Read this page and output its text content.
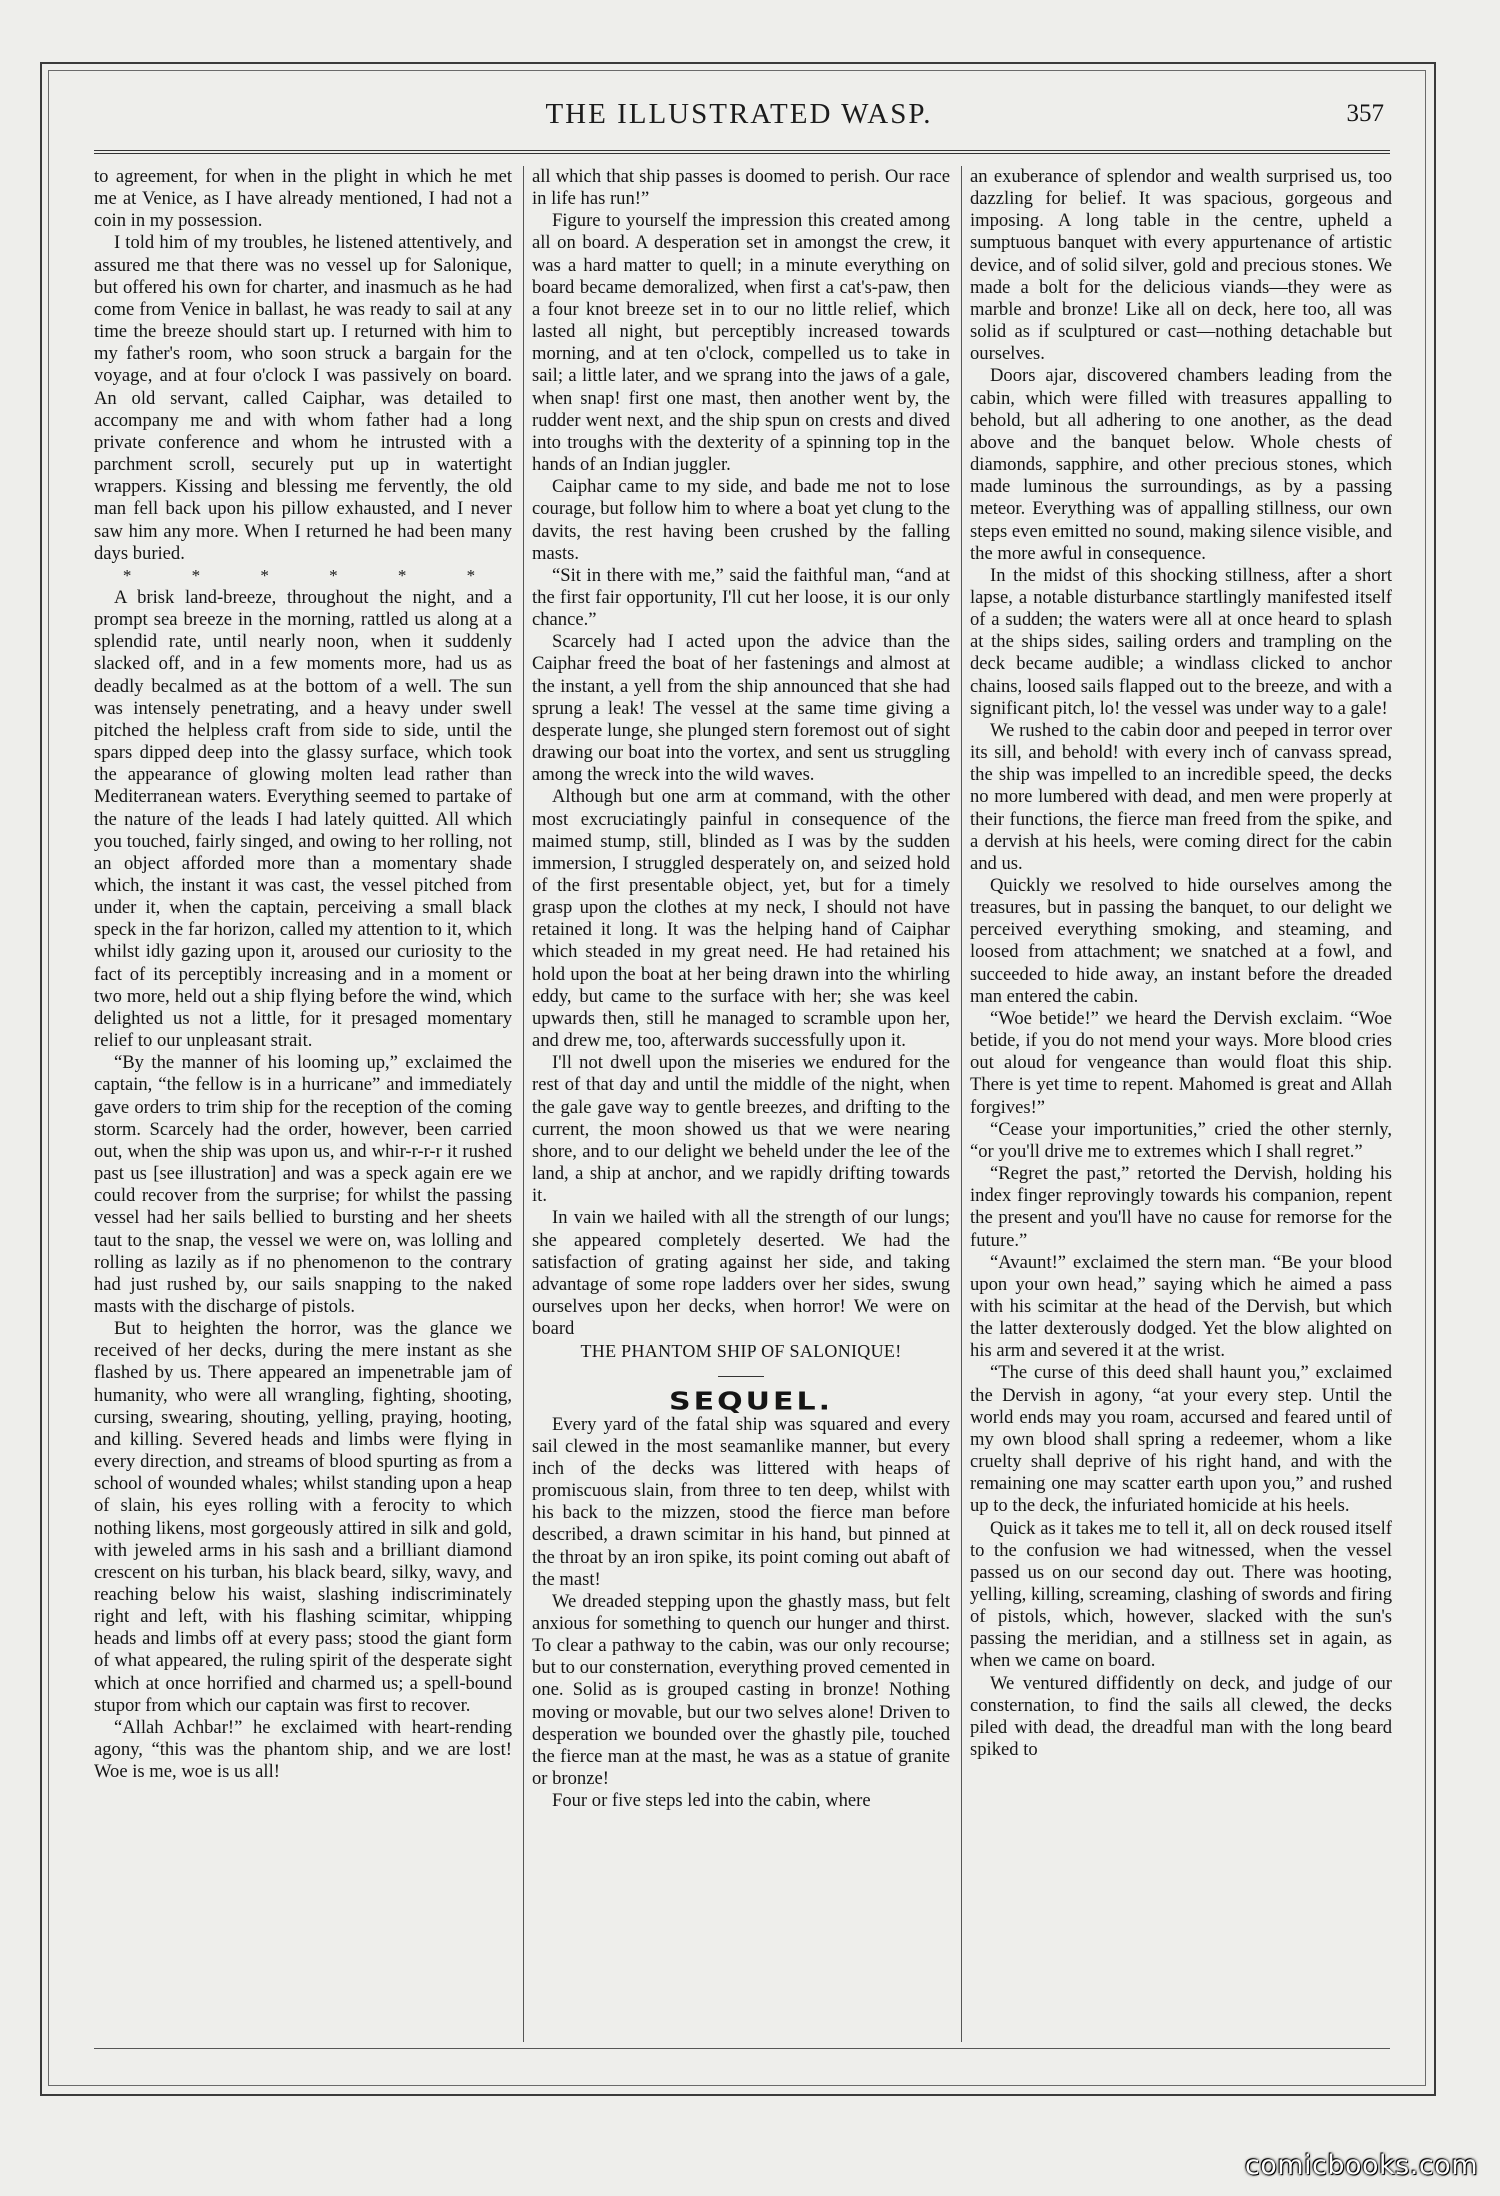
THE ILLUSTRATED WASP.	357

to agreement, for when in the plight in which he met me at Venice, as I have already mentioned, I had not a coin in my possession.

I told him of my troubles, he listened attentively, and assured me that there was no vessel up for Salonique, but offered his own for charter, and inasmuch as he had come from Venice in ballast, he was ready to sail at any time the breeze should start up. I returned with him to my father's room, who soon struck a bargain for the voyage, and at four o'clock I was passively on board. An old servant, called Caiphar, was detailed to accompany me and with whom father had a long private conference and whom he intrusted with a parchment scroll, securely put up in watertight wrappers. Kissing and blessing me fervently, the old man fell back upon his pillow exhausted, and I never saw him any more. When I returned he had been many days buried.

* * * * * *

A brisk land-breeze, throughout the night, and a prompt sea breeze in the morning, rattled us along at a splendid rate, until nearly noon, when it suddenly slacked off, and in a few moments more, had us as deadly becalmed as at the bottom of a well. The sun was intensely penetrating, and a heavy under swell pitched the helpless craft from side to side, until the spars dipped deep into the glassy surface, which took the appearance of glowing molten lead rather than Mediterranean waters. Everything seemed to partake of the nature of the leads I had lately quitted. All which you touched, fairly singed, and owing to her rolling, not an object afforded more than a momentary shade which, the instant it was cast, the vessel pitched from under it, when the captain, perceiving a small black speck in the far horizon, called my attention to it, which whilst idly gazing upon it, aroused our curiosity to the fact of its perceptibly increasing and in a moment or two more, held out a ship flying before the wind, which delighted us not a little, for it presaged momentary relief to our unpleasant strait.

“By the manner of his looming up,” exclaimed the captain, “the fellow is in a hurricane” and immediately gave orders to trim ship for the reception of the coming storm. Scarcely had the order, however, been carried out, when the ship was upon us, and whir-r-r-r it rushed past us [see illustration] and was a speck again ere we could recover from the surprise; for whilst the passing vessel had her sails bellied to bursting and her sheets taut to the snap, the vessel we were on, was lolling and rolling as lazily as if no phenomenon to the contrary had just rushed by, our sails snapping to the naked masts with the discharge of pistols.

But to heighten the horror, was the glance we received of her decks, during the mere instant as she flashed by us. There appeared an impenetrable jam of humanity, who were all wrangling, fighting, shooting, cursing, swearing, shouting, yelling, praying, hooting, and killing. Severed heads and limbs were flying in every direction, and streams of blood spurting as from a school of wounded whales; whilst standing upon a heap of slain, his eyes rolling with a ferocity to which nothing likens, most gorgeously attired in silk and gold, with jeweled arms in his sash and a brilliant diamond crescent on his turban, his black beard, silky, wavy, and reaching below his waist, slashing indiscriminately right and left, with his flashing scimitar, whipping heads and limbs off at every pass; stood the giant form of what appeared, the ruling spirit of the desperate sight which at once horrified and charmed us; a spell-bound stupor from which our captain was first to recover.

“Allah Achbar!” he exclaimed with heart-rending agony, “this was the phantom ship, and we are lost! Woe is me, woe is us all!

all which that ship passes is doomed to perish. Our race in life has run!”

Figure to yourself the impression this created among all on board. A desperation set in amongst the crew, it was a hard matter to quell; in a minute everything on board became demoralized, when first a cat's-paw, then a four knot breeze set in to our no little relief, which lasted all night, but perceptibly increased towards morning, and at ten o'clock, compelled us to take in sail; a little later, and we sprang into the jaws of a gale, when snap! first one mast, then another went by, the rudder went next, and the ship spun on crests and dived into troughs with the dexterity of a spinning top in the hands of an Indian juggler.

Caiphar came to my side, and bade me not to lose courage, but follow him to where a boat yet clung to the davits, the rest having been crushed by the falling masts.

“Sit in there with me,” said the faithful man, “and at the first fair opportunity, I'll cut her loose, it is our only chance.”

Scarcely had I acted upon the advice than the Caiphar freed the boat of her fastenings and almost at the instant, a yell from the ship announced that she had sprung a leak! The vessel at the same time giving a desperate lunge, she plunged stern foremost out of sight drawing our boat into the vortex, and sent us struggling among the wreck into the wild waves.

Although but one arm at command, with the other most excruciatingly painful in consequence of the maimed stump, still, blinded as I was by the sudden immersion, I struggled desperately on, and seized hold of the first presentable object, yet, but for a timely grasp upon the clothes at my neck, I should not have retained it long. It was the helping hand of Caiphar which steaded in my great need. He had retained his hold upon the boat at her being drawn into the whirling eddy, but came to the surface with her; she was keel upwards then, still he managed to scramble upon her, and drew me, too, afterwards successfully upon it.

I'll not dwell upon the miseries we endured for the rest of that day and until the middle of the night, when the gale gave way to gentle breezes, and drifting to the current, the moon showed us that we were nearing shore, and to our delight we beheld under the lee of the land, a ship at anchor, and we rapidly drifting towards it.

In vain we hailed with all the strength of our lungs; she appeared completely deserted. We had the satisfaction of grating against her side, and taking advantage of some rope ladders over her sides, swung ourselves upon her decks, when horror! We were on board

THE PHANTOM SHIP OF SALONIQUE!

SEQUEL.

Every yard of the fatal ship was squared and every sail clewed in the most seamanlike manner, but every inch of the decks was littered with heaps of promiscuous slain, from three to ten deep, whilst with his back to the mizzen, stood the fierce man before described, a drawn scimitar in his hand, but pinned at the throat by an iron spike, its point coming out abaft of the mast!

We dreaded stepping upon the ghastly mass, but felt anxious for something to quench our hunger and thirst. To clear a pathway to the cabin, was our only recourse; but to our consternation, everything proved cemented in one. Solid as is grouped casting in bronze! Nothing moving or movable, but our two selves alone! Driven to desperation we bounded over the ghastly pile, touched the fierce man at the mast, he was as a statue of granite or bronze!

Four or five steps led into the cabin, where

an exuberance of splendor and wealth surprised us, too dazzling for belief. It was spacious, gorgeous and imposing. A long table in the centre, upheld a sumptuous banquet with every appurtenance of artistic device, and of solid silver, gold and precious stones. We made a bolt for the delicious viands—they were as marble and bronze! Like all on deck, here too, all was solid as if sculptured or cast—nothing detachable but ourselves.

Doors ajar, discovered chambers leading from the cabin, which were filled with treasures appalling to behold, but all adhering to one another, as the dead above and the banquet below. Whole chests of diamonds, sapphire, and other precious stones, which made luminous the surroundings, as by a passing meteor. Everything was of appalling stillness, our own steps even emitted no sound, making silence visible, and the more awful in consequence.

In the midst of this shocking stillness, after a short lapse, a notable disturbance startlingly manifested itself of a sudden; the waters were all at once heard to splash at the ships sides, sailing orders and trampling on the deck became audible; a windlass clicked to anchor chains, loosed sails flapped out to the breeze, and with a significant pitch, lo! the vessel was under way to a gale!

We rushed to the cabin door and peeped in terror over its sill, and behold! with every inch of canvass spread, the ship was impelled to an incredible speed, the decks no more lumbered with dead, and men were properly at their functions, the fierce man freed from the spike, and a dervish at his heels, were coming direct for the cabin and us.

Quickly we resolved to hide ourselves among the treasures, but in passing the banquet, to our delight we perceived everything smoking, and steaming, and loosed from attachment; we snatched at a fowl, and succeeded to hide away, an instant before the dreaded man entered the cabin.

“Woe betide!” we heard the Dervish exclaim. “Woe betide, if you do not mend your ways. More blood cries out aloud for vengeance than would float this ship. There is yet time to repent. Mahomed is great and Allah forgives!”

“Cease your importunities,” cried the other sternly, “or you'll drive me to extremes which I shall regret.”

“Regret the past,” retorted the Dervish, holding his index finger reprovingly towards his companion, repent the present and you'll have no cause for remorse for the future.”

“Avaunt!” exclaimed the stern man. “Be your blood upon your own head,” saying which he aimed a pass with his scimitar at the head of the Dervish, but which the latter dexterously dodged. Yet the blow alighted on his arm and severed it at the wrist.

“The curse of this deed shall haunt you,” exclaimed the Dervish in agony, “at your every step. Until the world ends may you roam, accursed and feared until of my own blood shall spring a redeemer, whom a like cruelty shall deprive of his right hand, and with the remaining one may scatter earth upon you,” and rushed up to the deck, the infuriated homicide at his heels.

Quick as it takes me to tell it, all on deck roused itself to the confusion we had witnessed, when the vessel passed us on our second day out. There was hooting, yelling, killing, screaming, clashing of swords and firing of pistols, which, however, slacked with the sun's passing the meridian, and a stillness set in again, as when we came on board.

We ventured diffidently on deck, and judge of our consternation, to find the sails all clewed, the decks piled with dead, the dreadful man with the long beard spiked to

comicbooks.com
